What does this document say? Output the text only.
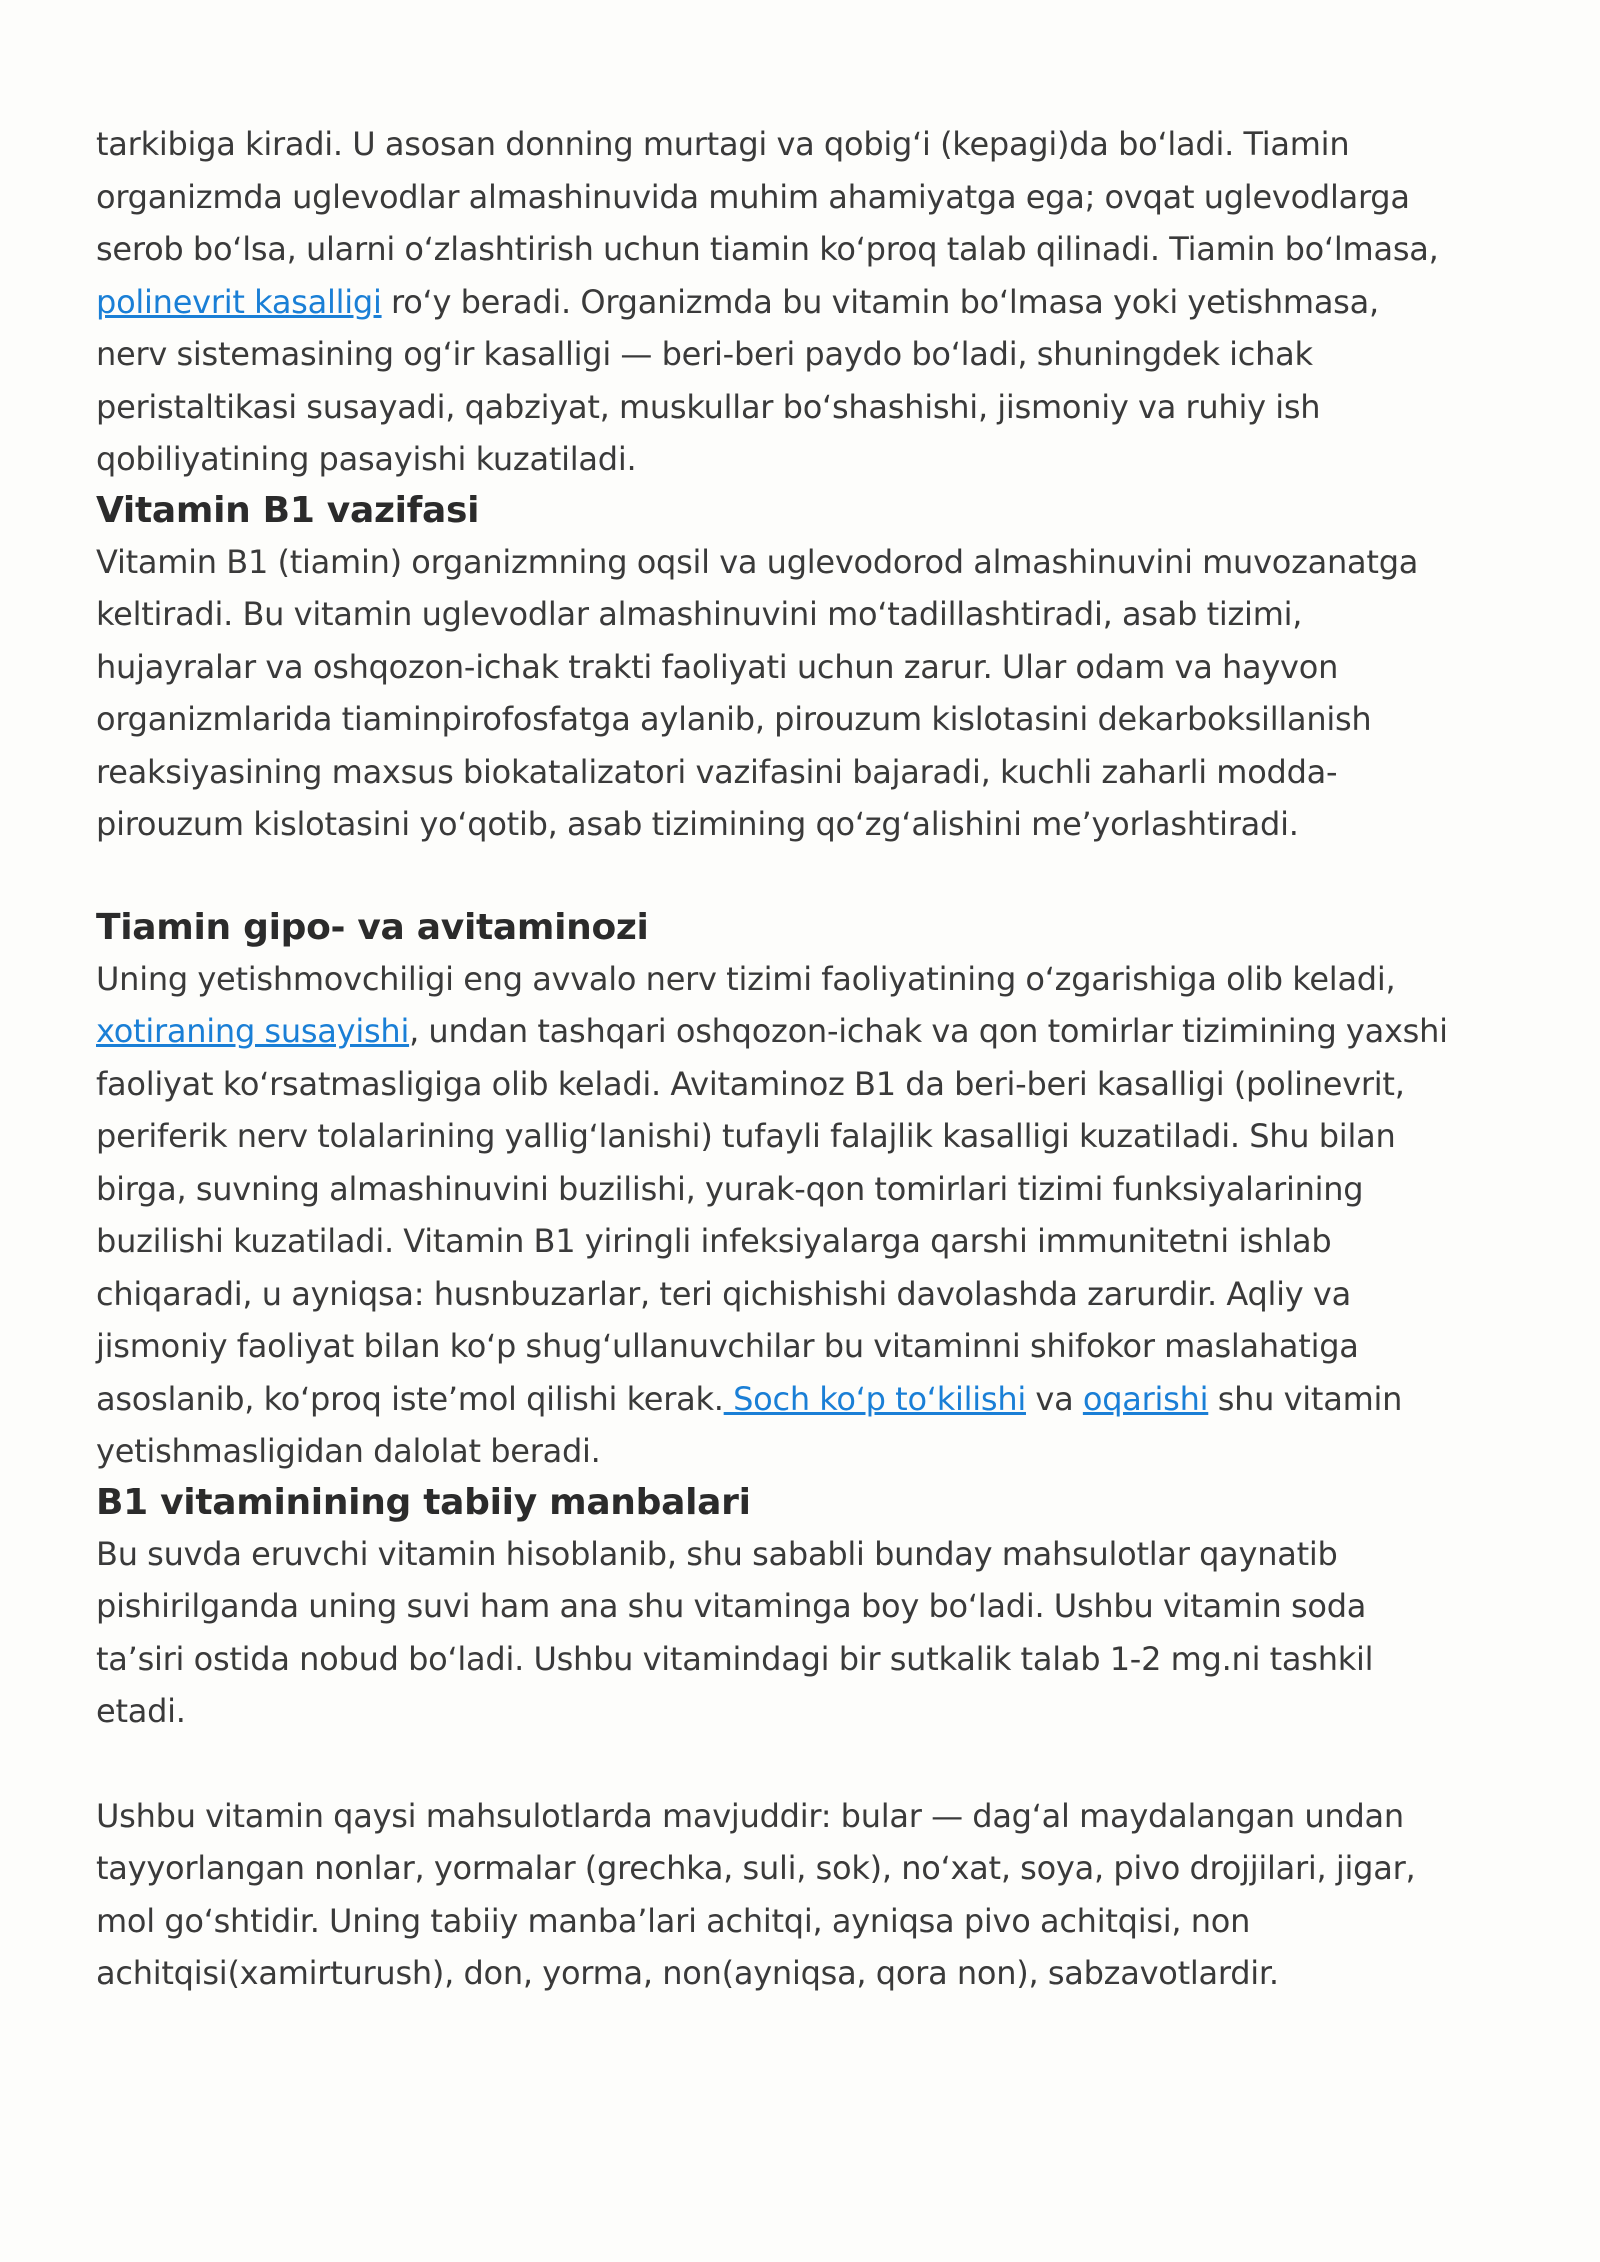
tarkibiga kiradi. U asosan donning murtagi va qobig‘i (kepagi)da bo‘ladi. Tiamin organizmda uglevodlar almashinuvida muhim ahamiyatga ega; ovqat uglevodlarga serob bo‘lsa, ularni o‘zlashtirish uchun tiamin ko‘proq talab qilinadi. Tiamin bo‘lmasa, polinevrit kasalligi ro‘y beradi. Organizmda bu vitamin bo‘lmasa yoki yetishmasa, nerv sistemasining og‘ir kasalligi — beri-beri paydo bo‘ladi, shuningdek ichak peristaltikasi susayadi, qabziyat, muskullar bo‘shashishi, jismoniy va ruhiy ish qobiliyatining pasayishi kuzatiladi.

Vitamin B1 vazifasi

Vitamin B1 (tiamin) organizmning oqsil va uglevodorod almashinuvini muvozanatga keltiradi. Bu vitamin uglevodlar almashinuvini mo‘tadillashtiradi, asab tizimi, hujayralar va oshqozon-ichak trakti faoliyati uchun zarur. Ular odam va hayvon organizmlarida tiaminpirofosfatga aylanib, pirouzum kislotasini dekarboksillanish reaksiyasining maxsus biokatalizatori vazifasini bajaradi, kuchli zaharli modda-pirouzum kislotasini yo‘qotib, asab tizimining qo‘zg‘alishini me’yorlashtiradi.

Tiamin gipo- va avitaminozi

Uning yetishmovchiligi eng avvalo nerv tizimi faoliyatining o‘zgarishiga olib keladi, xotiraning susayishi, undan tashqari oshqozon-ichak va qon tomirlar tizimining yaxshi faoliyat ko‘rsatmasligiga olib keladi. Avitaminoz B1 da beri-beri kasalligi (polinevrit, periferik nerv tolalarining yallig‘lanishi) tufayli falajlik kasalligi kuzatiladi. Shu bilan birga, suvning almashinuvini buzilishi, yurak-qon tomirlari tizimi funksiyalarining buzilishi kuzatiladi. Vitamin B1 yiringli infeksiyalarga qarshi immunitetni ishlab chiqaradi, u ayniqsa: husnbuzarlar, teri qichishishi davolashda zarurdir. Aqliy va jismoniy faoliyat bilan ko‘p shug‘ullanuvchilar bu vitaminni shifokor maslahatiga asoslanib, ko‘proq iste’mol qilishi kerak. Soch ko‘p to‘kilishi va oqarishi shu vitamin yetishmasligidan dalolat beradi.

B1 vitaminining tabiiy manbalari

Bu suvda eruvchi vitamin hisoblanib, shu sababli bunday mahsulotlar qaynatib pishirilganda uning suvi ham ana shu vitaminga boy bo‘ladi. Ushbu vitamin soda ta’siri ostida nobud bo‘ladi. Ushbu vitamindagi bir sutkalik talab 1-2 mg.ni tashkil etadi.

Ushbu vitamin qaysi mahsulotlarda mavjuddir: bular — dag‘al maydalangan undan tayyorlangan nonlar, yormalar (grechka, suli, sok), no‘xat, soya, pivo drojjilari, jigar, mol go‘shtidir. Uning tabiiy manba’lari achitqi, ayniqsa pivo achitqisi, non achitqisi(xamirturush), don, yorma, non(ayniqsa, qora non), sabzavotlardir.
